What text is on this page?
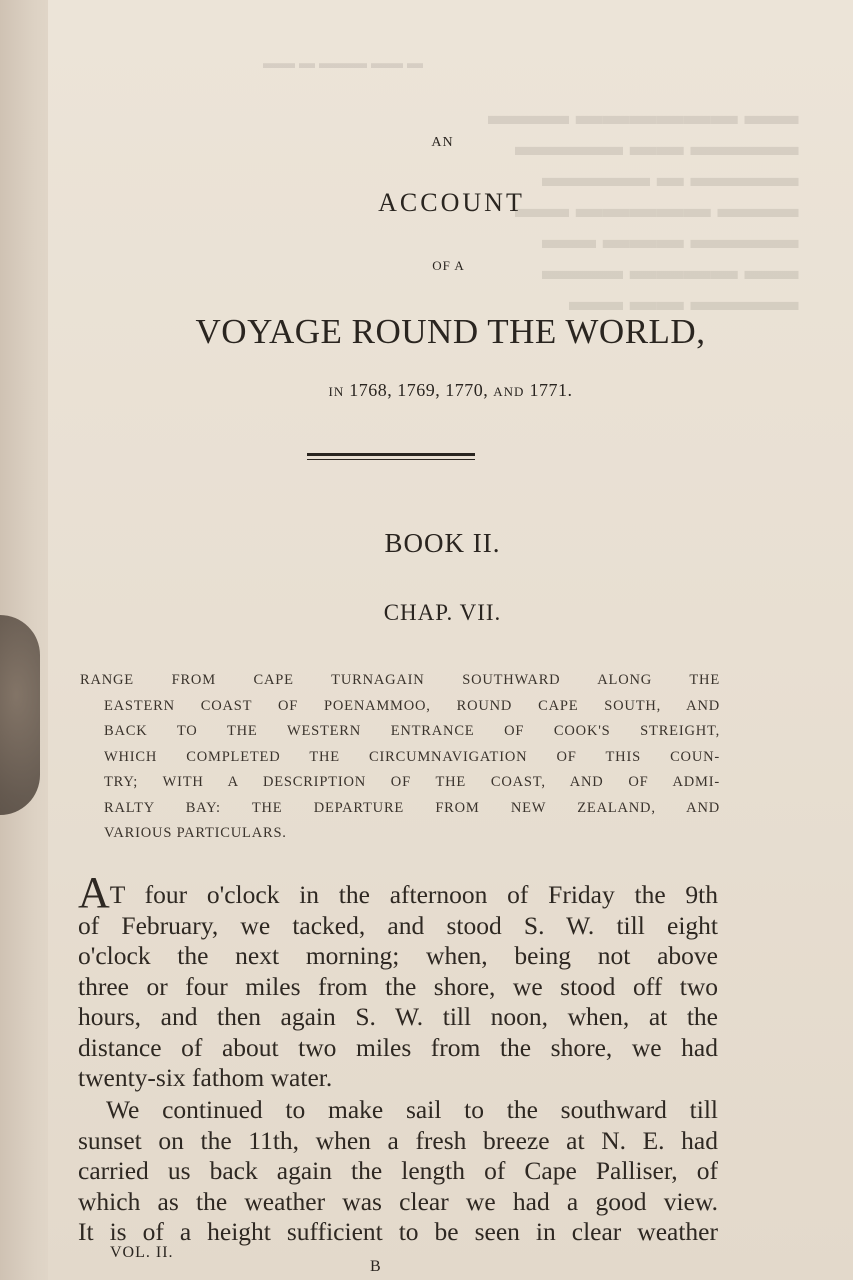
▬ ▬▬ ▬▬▬ ▬ ▬▬
▬▬ ▬▬▬▬▬▬ ▬▬▬
▬▬▬▬ ▬▬ ▬▬▬▬
▬▬▬▬ ▬ ▬▬▬▬
▬▬▬ ▬▬▬▬▬ ▬▬
▬▬▬▬ ▬▬▬ ▬▬
▬▬ ▬▬▬▬ ▬▬▬
▬▬▬▬ ▬▬ ▬▬
AN
ACCOUNT
OF A
VOYAGE ROUND THE WORLD,
IN 1768, 1769, 1770, AND 1771.
BOOK II.
CHAP. VII.
RANGE FROM CAPE TURNAGAIN SOUTHWARD ALONG THE
EASTERN COAST OF POENAMMOO, ROUND CAPE SOUTH, AND
BACK TO THE WESTERN ENTRANCE OF COOK'S STREIGHT,
WHICH COMPLETED THE CIRCUMNAVIGATION OF THIS COUN-
TRY; WITH A DESCRIPTION OF THE COAST, AND OF ADMI-
RALTY BAY: THE DEPARTURE FROM NEW ZEALAND, AND
VARIOUS PARTICULARS.
AT four o'clock in the afternoon of Friday the 9th
of February, we tacked, and stood S. W. till eight
o'clock the next morning; when, being not above
three or four miles from the shore, we stood off two
hours, and then again S. W. till noon, when, at the
distance of about two miles from the shore, we had
twenty-six fathom water.
We continued to make sail to the southward till
sunset on the 11th, when a fresh breeze at N. E. had
carried us back again the length of Cape Palliser, of
which as the weather was clear we had a good view.
It is of a height sufficient to be seen in clear weather
VOL. II.
B
